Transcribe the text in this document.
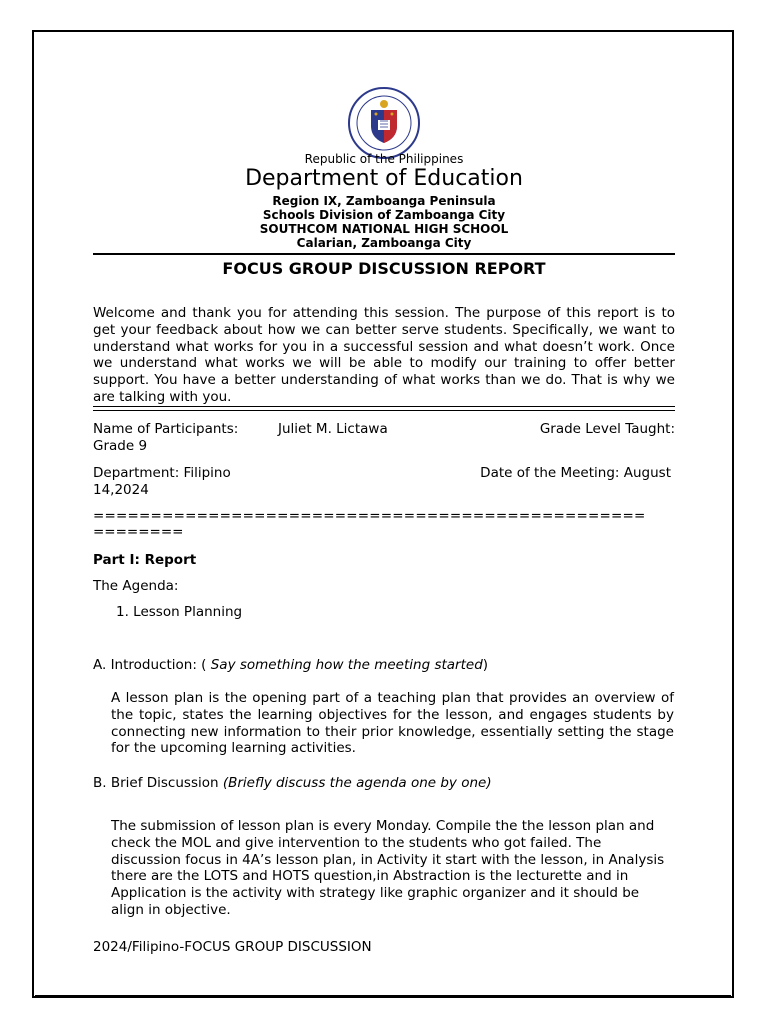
Republic of the Philippines
Department of Education
Region IX, Zamboanga Peninsula
Schools Division of Zamboanga City
SOUTHCOM NATIONAL HIGH SCHOOL
Calarian, Zamboanga City
FOCUS GROUP DISCUSSION REPORT
Welcome and thank you for attending this session. The purpose of this report is to get your feedback about how we can better serve students. Specifically, we want to understand what works for you in a successful session and what doesn’t work. Once we understand what works we will be able to modify our training to offer better support. You have a better understanding of what works than we do. That is why we are talking with you.
Name of Participants:	Juliet M. Lictawa	Grade Level Taught:
Grade 9
Department: Filipino	Date of the Meeting: August
14,2024
================================================
========
Part I: Report
The Agenda:
1. Lesson Planning
A. Introduction: ( Say something how the meeting started)
A lesson plan is the opening part of a teaching plan that provides an overview of the topic, states the learning objectives for the lesson, and engages students by connecting new information to their prior knowledge, essentially setting the stage for the upcoming learning activities.
B. Brief Discussion (Briefly discuss the agenda one by one)
The submission of lesson plan is every Monday. Compile the the lesson plan and check the MOL and give intervention to the students who got failed. The discussion focus in 4A’s lesson plan, in Activity it start with the lesson, in Analysis there are the LOTS and HOTS question,in Abstraction is the lecturette and in Application is the activity with strategy like graphic organizer and it should be align in objective.
2024/Filipino-FOCUS GROUP DISCUSSION
